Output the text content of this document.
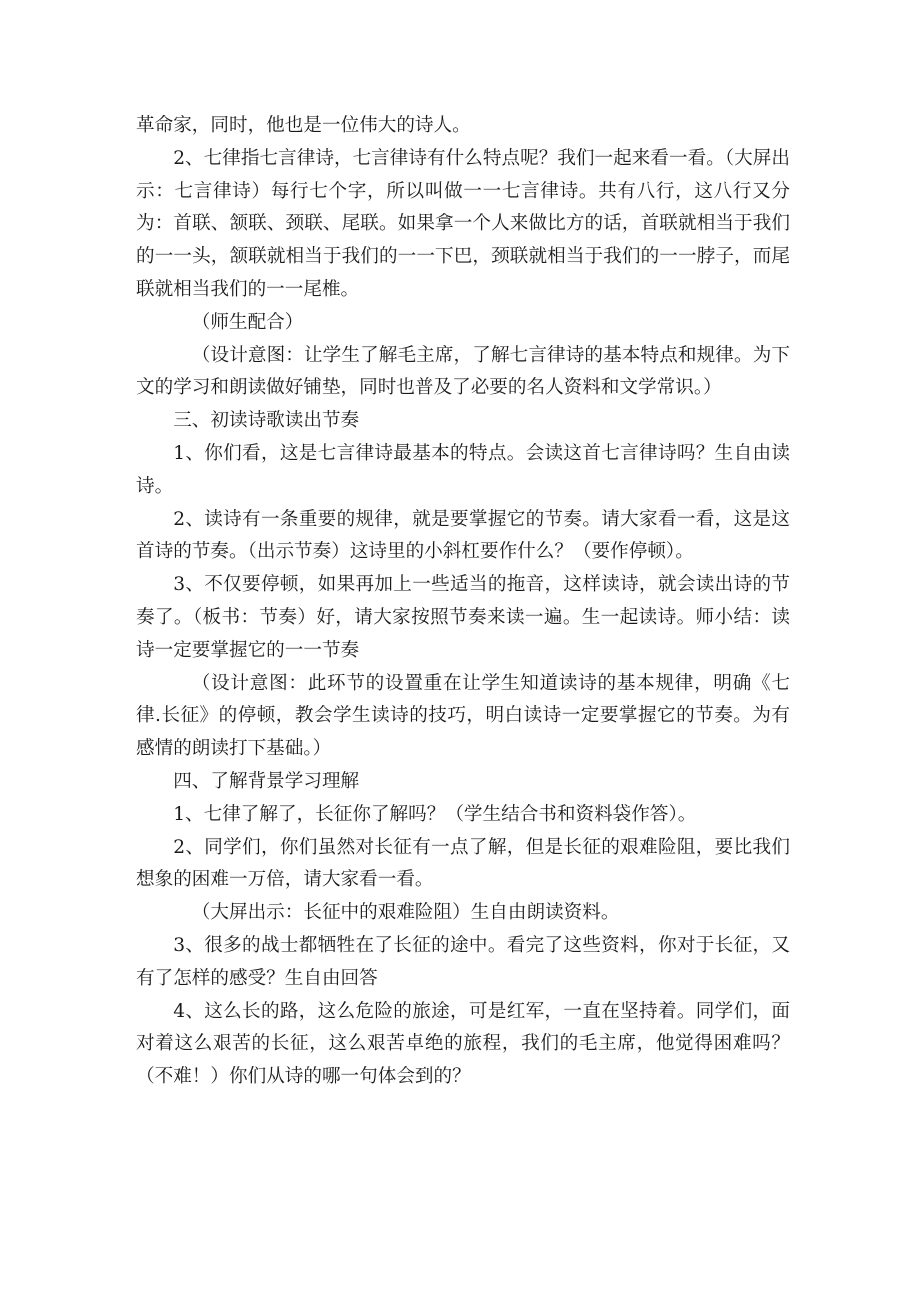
革命家，同时，他也是一位伟大的诗人。

2、七律指七言律诗，七言律诗有什么特点呢？我们一起来看一看。（大屏出示：七言律诗）每行七个字，所以叫做一一七言律诗。共有八行，这八行又分为：首联、颔联、颈联、尾联。如果拿一个人来做比方的话，首联就相当于我们的一一头，颔联就相当于我们的一一下巴，颈联就相当于我们的一一脖子，而尾联就相当我们的一一尾椎。

（师生配合）

（设计意图：让学生了解毛主席，了解七言律诗的基本特点和规律。为下文的学习和朗读做好铺垫，同时也普及了必要的名人资料和文学常识。）

三、初读诗歌读出节奏

1、你们看，这是七言律诗最基本的特点。会读这首七言律诗吗？生自由读诗。

2、读诗有一条重要的规律，就是要掌握它的节奏。请大家看一看，这是这首诗的节奏。（出示节奏）这诗里的小斜杠要作什么？（要作停顿）。

3、不仅要停顿，如果再加上一些适当的拖音，这样读诗，就会读出诗的节奏了。（板书：节奏）好，请大家按照节奏来读一遍。生一起读诗。师小结：读诗一定要掌握它的一一节奏

（设计意图：此环节的设置重在让学生知道读诗的基本规律，明确《七律.长征》的停顿，教会学生读诗的技巧，明白读诗一定要掌握它的节奏。为有感情的朗读打下基础。）

四、了解背景学习理解

1、七律了解了，长征你了解吗？（学生结合书和资料袋作答）。

2、同学们，你们虽然对长征有一点了解，但是长征的艰难险阻，要比我们想象的困难一万倍，请大家看一看。

（大屏出示：长征中的艰难险阻）生自由朗读资料。

3、很多的战士都牺牲在了长征的途中。看完了这些资料，你对于长征，又有了怎样的感受？生自由回答

4、这么长的路，这么危险的旅途，可是红军，一直在坚持着。同学们，面对着这么艰苦的长征，这么艰苦卓绝的旅程，我们的毛主席，他觉得困难吗？（不难！）你们从诗的哪一句体会到的？
